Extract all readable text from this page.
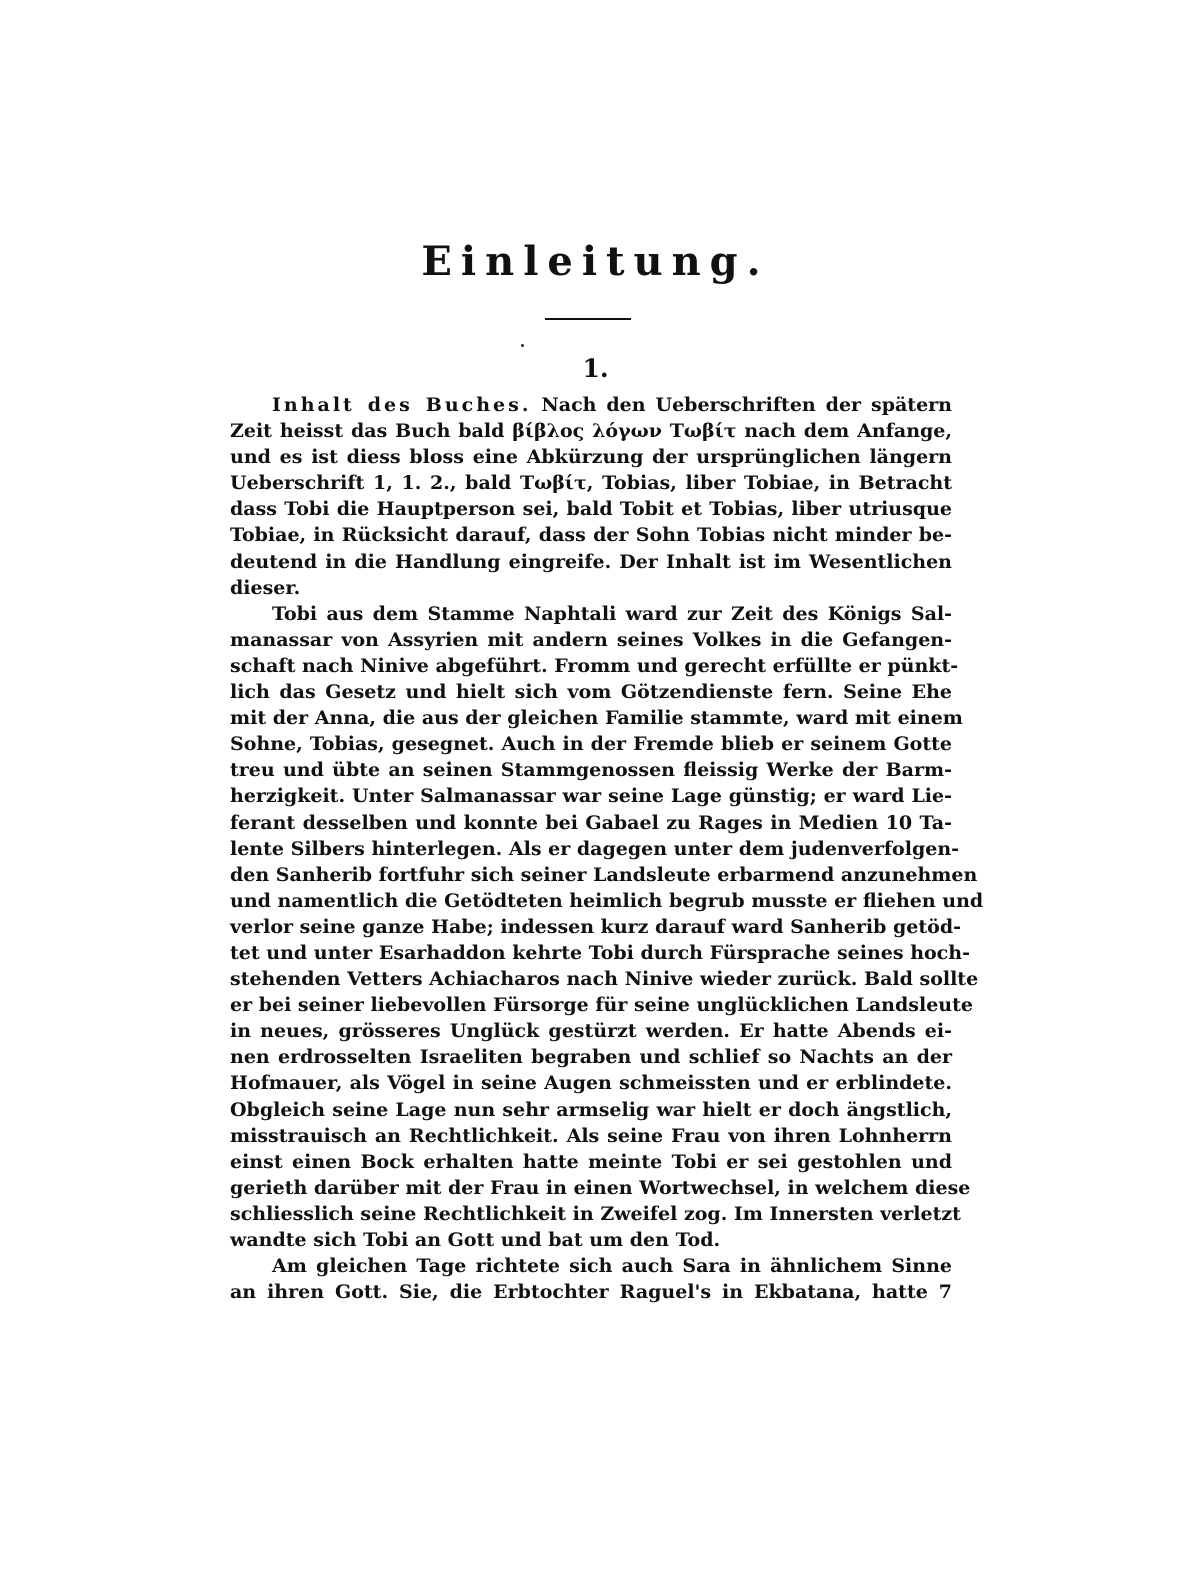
Einleitung.
1.
Inhalt des Buches. Nach den Ueberschriften der spätern
Zeit heisst das Buch bald βίβλος λόγων Τωβίτ nach dem Anfange,
und es ist diess bloss eine Abkürzung der ursprünglichen längern
Ueberschrift 1, 1. 2., bald Τωβίτ, Tobias, liber Tobiae, in Betracht
dass Tobi die Hauptperson sei, bald Tobit et Tobias, liber utriusque
Tobiae, in Rücksicht darauf, dass der Sohn Tobias nicht minder be-
deutend in die Handlung eingreife. Der Inhalt ist im Wesentlichen
dieser.
Tobi aus dem Stamme Naphtali ward zur Zeit des Königs Sal-
manassar von Assyrien mit andern seines Volkes in die Gefangen-
schaft nach Ninive abgeführt. Fromm und gerecht erfüllte er pünkt-
lich das Gesetz und hielt sich vom Götzendienste fern. Seine Ehe
mit der Anna, die aus der gleichen Familie stammte, ward mit einem
Sohne, Tobias, gesegnet. Auch in der Fremde blieb er seinem Gotte
treu und übte an seinen Stammgenossen fleissig Werke der Barm-
herzigkeit. Unter Salmanassar war seine Lage günstig; er ward Lie-
ferant desselben und konnte bei Gabael zu Rages in Medien 10 Ta-
lente Silbers hinterlegen. Als er dagegen unter dem judenverfolgen-
den Sanherib fortfuhr sich seiner Landsleute erbarmend anzunehmen
und namentlich die Getödteten heimlich begrub musste er fliehen und
verlor seine ganze Habe; indessen kurz darauf ward Sanherib getöd-
tet und unter Esarhaddon kehrte Tobi durch Fürsprache seines hoch-
stehenden Vetters Achiacharos nach Ninive wieder zurück. Bald sollte
er bei seiner liebevollen Fürsorge für seine unglücklichen Landsleute
in neues, grösseres Unglück gestürzt werden. Er hatte Abends ei-
nen erdrosselten Israeliten begraben und schlief so Nachts an der
Hofmauer, als Vögel in seine Augen schmeissten und er erblindete.
Obgleich seine Lage nun sehr armselig war hielt er doch ängstlich,
misstrauisch an Rechtlichkeit. Als seine Frau von ihren Lohnherrn
einst einen Bock erhalten hatte meinte Tobi er sei gestohlen und
gerieth darüber mit der Frau in einen Wortwechsel, in welchem diese
schliesslich seine Rechtlichkeit in Zweifel zog. Im Innersten verletzt
wandte sich Tobi an Gott und bat um den Tod.
Am gleichen Tage richtete sich auch Sara in ähnlichem Sinne
an ihren Gott. Sie, die Erbtochter Raguel's in Ekbatana, hatte 7
